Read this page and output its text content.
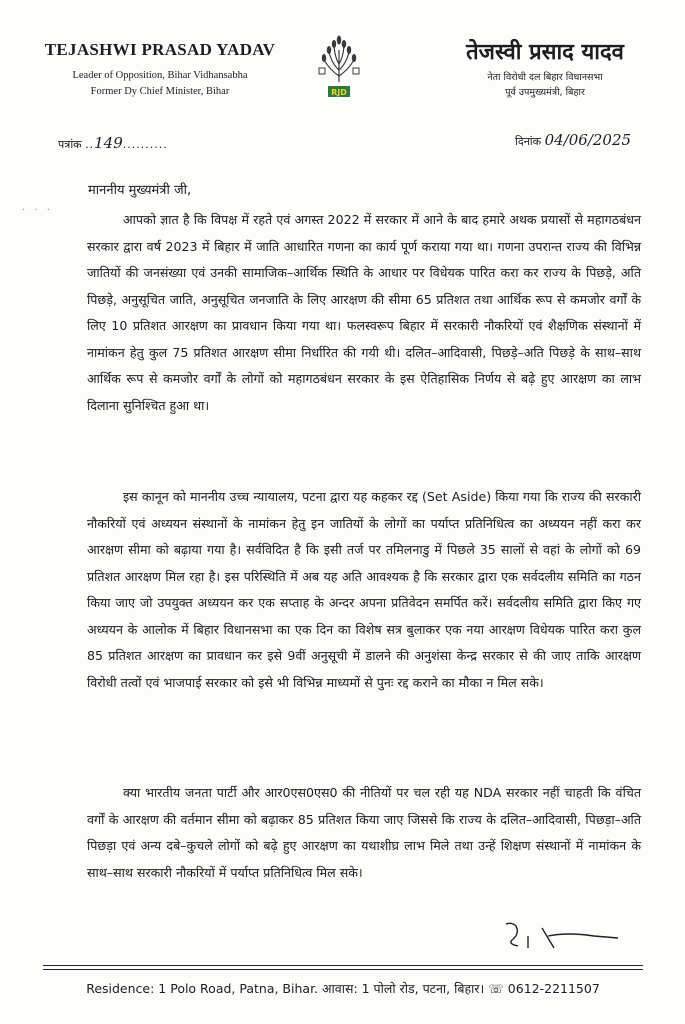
TEJASHWI PRASAD YADAV
Leader of Opposition, Bihar Vidhansabha
Former Dy Chief Minister, Bihar	RJD
तेजस्वी प्रसाद यादव
नेता विरोधी दल बिहार विधानसभा
पूर्व उपमुख्यमंत्री, बिहार
पत्रांक ..149..........	दिनांक 04/06/2025
· · ·
माननीय मुख्यमंत्री जी,
आपको ज्ञात है कि विपक्ष में रहते एवं अगस्त 2022 में सरकार में आने के बाद हमारे अथक प्रयासों से महागठबंधन सरकार द्वारा वर्ष 2023 में बिहार में जाति आधारित गणना का कार्य पूर्ण कराया गया था। गणना उपरान्त राज्य की विभिन्न जातियों की जनसंख्या एवं उनकी सामाजिक–आर्थिक स्थिति के आधार पर विधेयक पारित करा कर राज्य के पिछड़े, अति पिछड़े, अनुसूचित जाति, अनुसूचित जनजाति के लिए आरक्षण की सीमा 65 प्रतिशत तथा आर्थिक रूप से कमजोर वर्गों के लिए 10 प्रतिशत आरक्षण का प्रावधान किया गया था। फलस्वरूप बिहार में सरकारी नौकरियों एवं शैक्षणिक संस्थानों में नामांकन हेतु कुल 75 प्रतिशत आरक्षण सीमा निर्धारित की गयी थी। दलित–आदिवासी, पिछड़े–अति पिछड़े के साथ–साथ आर्थिक रूप से कमजोर वर्गों के लोगों को महागठबंधन सरकार के इस ऐतिहासिक निर्णय से बढ़े हुए आरक्षण का लाभ दिलाना सुनिश्चित हुआ था।
इस कानून को माननीय उच्च न्यायालय, पटना द्वारा यह कहकर रद्द (Set Aside) किया गया कि राज्य की सरकारी नौकरियों एवं अध्ययन संस्थानों के नामांकन हेतु इन जातियों के लोगों का पर्याप्त प्रतिनिधित्व का अध्ययन नहीं करा कर आरक्षण सीमा को बढ़ाया गया है। सर्वविदित है कि इसी तर्ज पर तमिलनाडु में पिछले 35 सालों से वहां के लोगों को 69 प्रतिशत आरक्षण मिल रहा है। इस परिस्थिति में अब यह अति आवश्यक है कि सरकार द्वारा एक सर्वदलीय समिति का गठन किया जाए जो उपयुक्त अध्ययन कर एक सप्ताह के अन्दर अपना प्रतिवेदन समर्पित करें। सर्वदलीय समिति द्वारा किए गए अध्ययन के आलोक में बिहार विधानसभा का एक दिन का विशेष सत्र बुलाकर एक नया आरक्षण विधेयक पारित करा कुल 85 प्रतिशत आरक्षण का प्रावधान कर इसे 9वीं अनुसूची में डालने की अनुशंसा केन्द्र सरकार से की जाए ताकि आरक्षण विरोधी तत्वों एवं भाजपाई सरकार को इसे भी विभिन्न माध्यमों से पुनः रद्द कराने का मौका न मिल सके।
क्या भारतीय जनता पार्टी और आर0एस0एस0 की नीतियों पर चल रही यह NDA सरकार नहीं चाहती कि वंचित वर्गों के आरक्षण की वर्तमान सीमा को बढ़ाकर 85 प्रतिशत किया जाए जिससे कि राज्य के दलित–आदिवासी, पिछड़ा–अति पिछड़ा एवं अन्य दबे–कुचले लोगों को बढ़े हुए आरक्षण का यथाशीघ्र लाभ मिले तथा उन्हें शिक्षण संस्थानों में नामांकन के साथ–साथ सरकारी नौकरियों में पर्याप्त प्रतिनिधित्व मिल सके।
Residence: 1 Polo Road, Patna, Bihar. आवास: 1 पोलो रोड, पटना, बिहार। ☏ 0612-2211507
